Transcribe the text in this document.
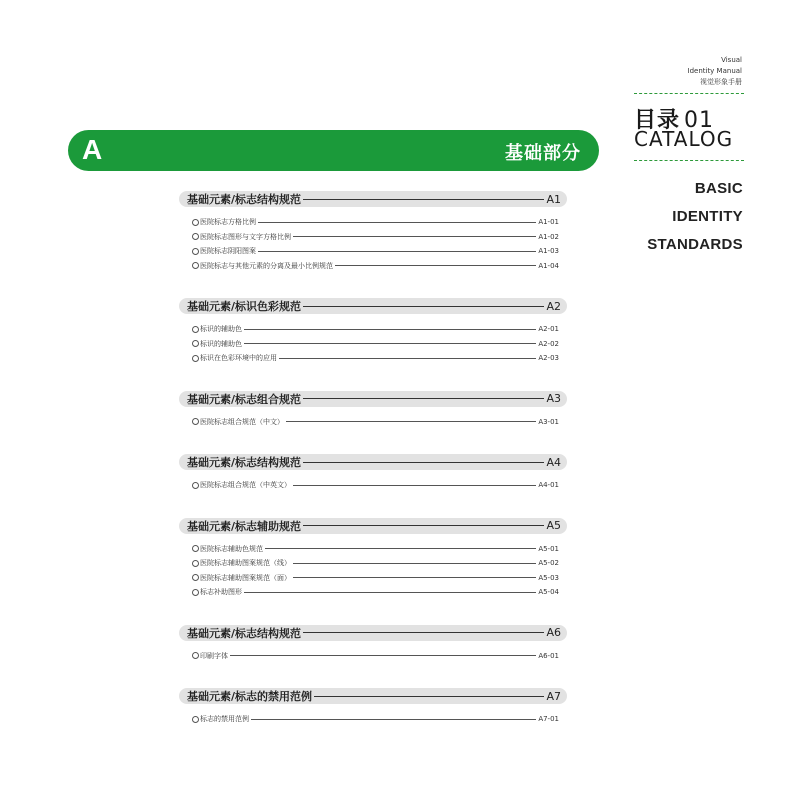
Visual
Identity Manual
视觉形象手册
目录 01
CATALOG
BASIC
IDENTITY
STANDARDS
A	基础部分
基础元素/标志结构规范	A1
医院标志方格比例	A1-01
医院标志图形与文字方格比例	A1-02
医院标志阴阳图案	A1-03
医院标志与其他元素的分离及最小比例规范	A1-04
基础元素/标识色彩规范	A2
标识的辅助色	A2-01
标识的辅助色	A2-02
标识在色彩环境中的应用	A2-03
基础元素/标志组合规范	A3
医院标志组合规范（中文）	A3-01
基础元素/标志结构规范	A4
医院标志组合规范（中英文）	A4-01
基础元素/标志辅助规范	A5
医院标志辅助色规范	A5-01
医院标志辅助图案规范（线）	A5-02
医院标志辅助图案规范（面）	A5-03
标志补助图形	A5-04
基础元素/标志结构规范	A6
印刷字体	A6-01
基础元素/标志的禁用范例	A7
标志的禁用范例	A7-01
